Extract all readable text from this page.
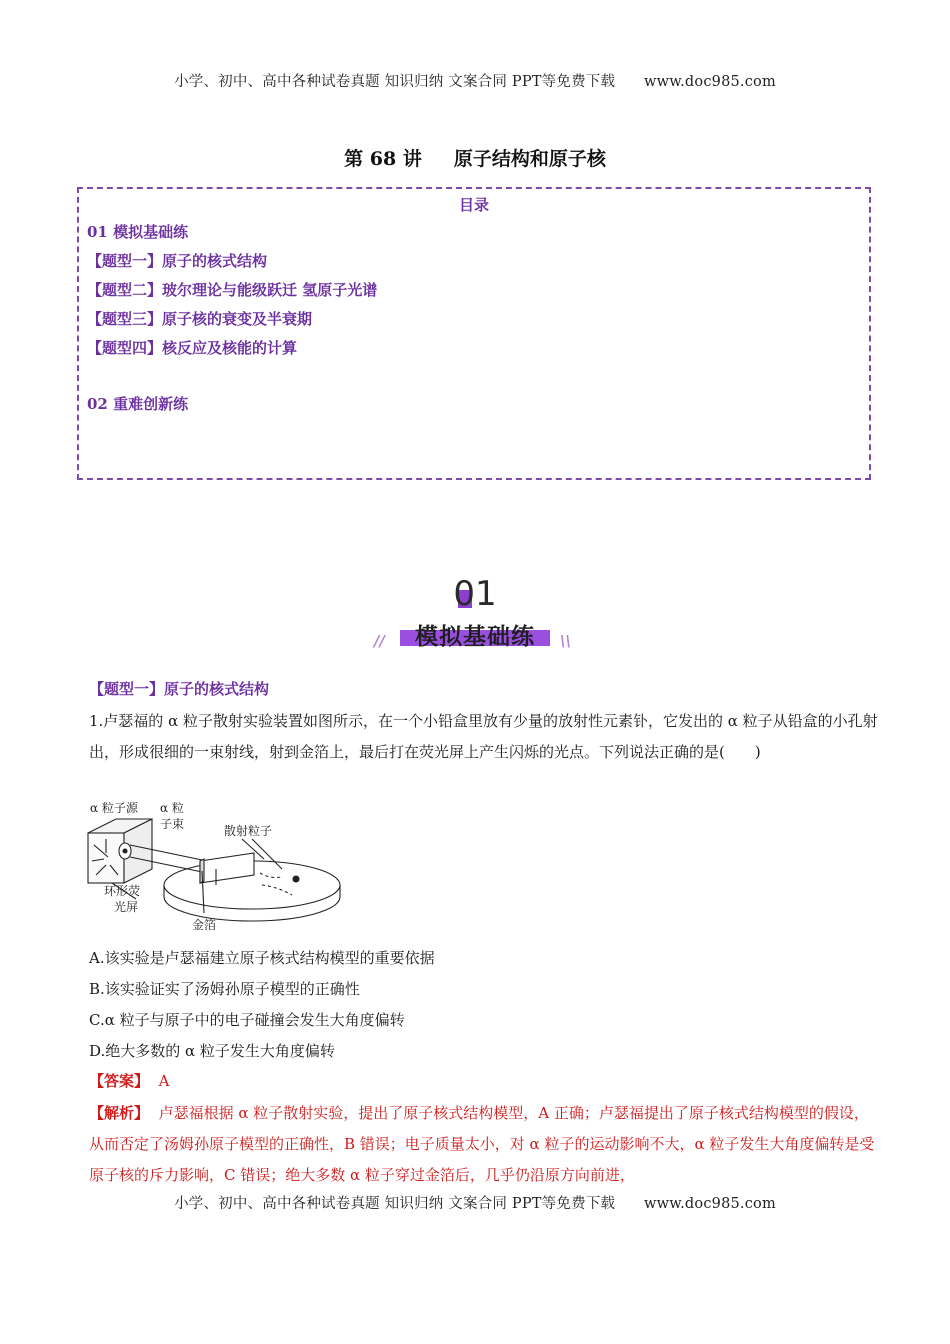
小学、初中、高中各种试卷真题 知识归纳 文案合同 PPT等免费下载 www.doc985.com
第 68 讲 原子结构和原子核
目录
01 模拟基础练
【题型一】原子的核式结构
【题型二】玻尔理论与能级跃迁 氢原子光谱
【题型三】原子核的衰变及半衰期
【题型四】核反应及核能的计算
02 重难创新练
01
模拟基础练
//	\\
【题型一】原子的核式结构
1.卢瑟福的 α 粒子散射实验装置如图所示，在一个小铅盒里放有少量的放射性元素钋，它发出的 α 粒子从铅盒的小孔射出，形成很细的一束射线，射到金箔上，最后打在荧光屏上产生闪烁的光点。下列说法正确的是(　　)
α 粒子源 α 粒
子束	散射粒子
环形荧
光屏
金箔
A.该实验是卢瑟福建立原子核式结构模型的重要依据
B.该实验证实了汤姆孙原子模型的正确性
C.α 粒子与原子中的电子碰撞会发生大角度偏转
D.绝大多数的 α 粒子发生大角度偏转
【答案】 A
【解析】 卢瑟福根据 α 粒子散射实验，提出了原子核式结构模型，A 正确；卢瑟福提出了原子核式结构模型的假设，从而否定了汤姆孙原子模型的正确性，B 错误；电子质量太小，对 α 粒子的运动影响不大，α 粒子发生大角度偏转是受原子核的斥力影响，C 错误；绝大多数 α 粒子穿过金箔后，几乎仍沿原方向前进，
小学、初中、高中各种试卷真题 知识归纳 文案合同 PPT等免费下载 www.doc985.com
